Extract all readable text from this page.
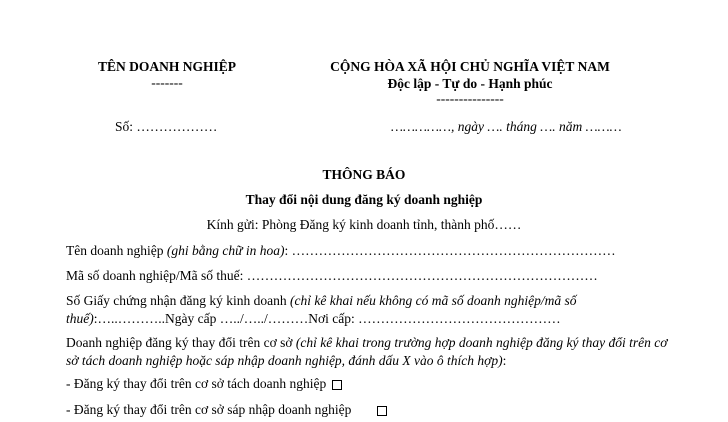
TÊN DOANH NGHIỆP
-------
CỘNG HÒA XÃ HỘI CHỦ NGHĨA VIỆT NAM
Độc lập - Tự do - Hạnh phúc
---------------
Số: ………………	……………, ngày …. tháng …. năm ………
THÔNG BÁO
Thay đổi nội dung đăng ký doanh nghiệp
Kính gửi: Phòng Đăng ký kinh doanh tỉnh, thành phố……
Tên doanh nghiệp (ghi bằng chữ in hoa): ………………………………………………………………
Mã số doanh nghiệp/Mã số thuế: ……………………………………………………………………
Số Giấy chứng nhận đăng ký kinh doanh (chỉ kê khai nếu không có mã số doanh nghiệp/mã số thuế):…..………..Ngày cấp …../…../………Nơi cấp: ………………………………………
Doanh nghiệp đăng ký thay đổi trên cơ sở (chỉ kê khai trong trường hợp doanh nghiệp đăng ký thay đổi trên cơ sở tách doanh nghiệp hoặc sáp nhập doanh nghiệp, đánh dấu X vào ô thích hợp):
- Đăng ký thay đổi trên cơ sở tách doanh nghiệp
- Đăng ký thay đổi trên cơ sở sáp nhập doanh nghiệp
